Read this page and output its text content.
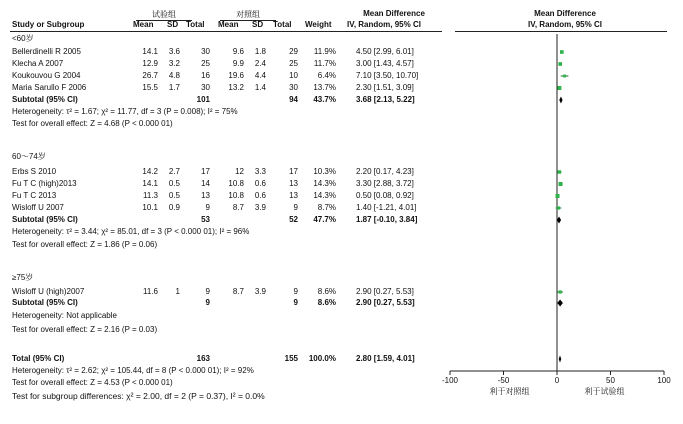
试验组	对照组	Mean Difference	Mean Difference
Study or Subgroup	Mean SD Total Mean SD Total Weight IV, Random, 95% CI	IV, Random, 95% CI
<60岁
Bellerdinelli R 2005	14.1	3.6	30	9.6	1.8	29	11.9%	4.50 [2.99, 6.01]
Klecha A 2007	12.9	3.2	25	9.9	2.4	25	11.7%	3.00 [1.43, 4.57]
Koukouvou G 2004	26.7	4.8	16	19.6	4.4	10	6.4%	7.10 [3.50, 10.70]
Maria Sarullo F 2006	15.5	1.7	30	13.2	1.4	30	13.7%	2.30 [1.51, 3.09]
Subtotal (95% CI)	101	94	43.7%	3.68 [2.13, 5.22]
Heterogeneity: τ² = 1.67; χ² = 11.77, df = 3 (P = 0.008); I² = 75%
Test for overall effect: Z = 4.68 (P < 0.000 01)
60～74岁
Erbs S 2010	14.2	2.7	17	12	3.3	17	10.3%	2.20 [0.17, 4.23]
Fu T C (high)2013	14.1	0.5	14	10.8	0.6	13	14.3%	3.30 [2.88, 3.72]
Fu T C 2013	11.3	0.5	13	10.8	0.6	13	14.3%	0.50 [0.08, 0.92]
Wisloff U 2007	10.1	0.9	9	8.7	3.9	9	8.7%	1.40 [-1.21, 4.01]
Subtotal (95% CI)	53	52	47.7%	1.87 [-0.10, 3.84]
Heterogeneity: τ² = 3.44; χ² = 85.01, df = 3 (P < 0.000 01); I² = 96%
Test for overall effect: Z = 1.86 (P = 0.06)
≥75岁
Wisloff U (high)2007	11.6	1	9	8.7	3.9	9	8.6%	2.90 [0.27, 5.53]
Subtotal (95% CI)	9	9	8.6%	2.90 [0.27, 5.53]
Heterogeneity: Not applicable
Test for overall effect: Z = 2.16 (P = 0.03)
Total (95% CI)	163	155	100.0%	2.80 [1.59, 4.01]
Heterogeneity: τ² = 2.62; χ² = 105.44, df = 8 (P < 0.000 01); I² = 92%
Test for overall effect: Z = 4.53 (P < 0.000 01)
Test for subgroup differences: χ² = 2.00, df = 2 (P = 0.37), I² = 0.0%
-100	-50	0	50	100
利于对照组	利于试验组
